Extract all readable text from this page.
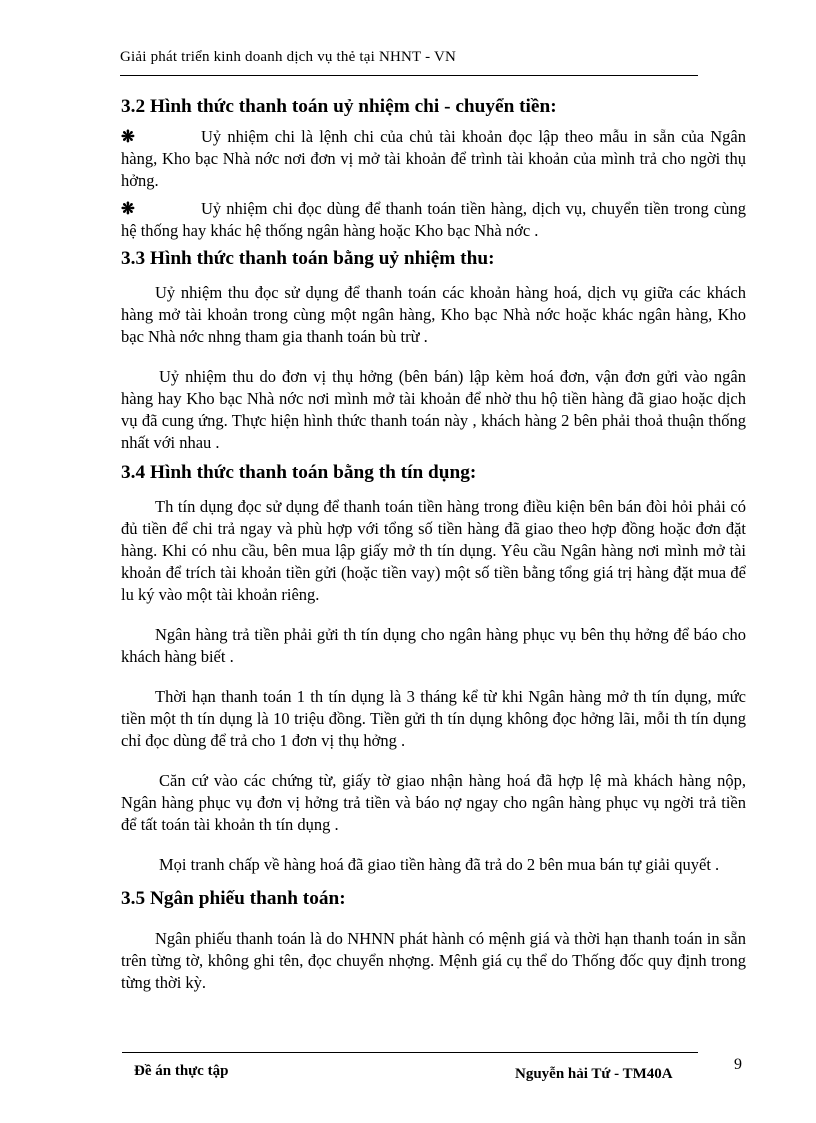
Giải phát triển kinh doanh dịch vụ thẻ tại NHNT - VN
3.2 Hình thức thanh toán uỷ nhiệm chi - chuyển tiền:

❋	Uỷ nhiệm chi là lệnh chi của chủ tài khoản đọc lập theo mẫu in sẵn của Ngân hàng, Kho bạc Nhà nớc nơi đơn vị mở tài khoản để trình tài khoản của mình trả cho ngời thụ hởng.

❋	Uỷ nhiệm chi đọc dùng để thanh toán tiền hàng, dịch vụ, chuyển tiền trong cùng hệ thống hay khác hệ thống ngân hàng hoặc Kho bạc Nhà nớc .

3.3 Hình thức thanh toán bằng uỷ nhiệm thu:

Uỷ nhiệm thu đọc sử dụng để thanh toán các khoản hàng hoá, dịch vụ giữa các khách hàng mở tài khoản trong cùng một ngân hàng, Kho bạc Nhà nớc hoặc khác ngân hàng, Kho bạc Nhà nớc nhng tham gia thanh toán bù trừ .

Uỷ nhiệm thu do đơn vị thụ hởng (bên bán) lập kèm hoá đơn, vận đơn gửi vào ngân hàng hay Kho bạc Nhà nớc nơi mình mở tài khoản để nhờ thu hộ tiền hàng đã giao hoặc dịch vụ đã cung ứng. Thực hiện hình thức thanh toán này , khách hàng 2 bên phải thoả thuận thống nhất với nhau .

3.4 Hình thức thanh toán bằng th tín dụng:

Th tín dụng đọc sử dụng để thanh toán tiền hàng trong điều kiện bên bán đòi hỏi phải có đủ tiền để chi trả ngay và phù hợp với tổng số tiền hàng đã giao theo hợp đồng hoặc đơn đặt hàng. Khi có nhu cầu, bên mua lập giấy mở th tín dụng. Yêu cầu Ngân hàng nơi mình mở tài khoản để trích tài khoản tiền gửi (hoặc tiền vay) một số tiền bằng tổng giá trị hàng đặt mua để lu ký vào một tài khoản riêng.

Ngân hàng trả tiền phải gửi th tín dụng cho ngân hàng phục vụ bên thụ hởng để báo cho khách hàng biết .

Thời hạn thanh toán 1 th tín dụng là 3 tháng kể từ khi Ngân hàng mở th tín dụng, mức tiền một th tín dụng là 10 triệu đồng. Tiền gửi th tín dụng không đọc hởng lãi, mỗi th tín dụng chỉ đọc dùng để trả cho 1 đơn vị thụ hởng .

Căn cứ vào các chứng từ, giấy tờ giao nhận hàng hoá đã hợp lệ mà khách hàng nộp, Ngân hàng phục vụ đơn vị hởng trả tiền và báo nợ ngay cho ngân hàng phục vụ ngời trả tiền để tất toán tài khoản th tín dụng .

Mọi tranh chấp về hàng hoá đã giao tiền hàng đã trả do 2 bên mua bán tự giải quyết .

3.5 Ngân phiếu thanh toán:

Ngân phiếu thanh toán là do NHNN phát hành có mệnh giá và thời hạn thanh toán in sẵn trên từng tờ, không ghi tên, đọc chuyển nhợng. Mệnh giá cụ thể do Thống đốc quy định trong từng thời kỳ.

Đề án thực tập	Nguyễn hải Tứ - TM40A
9
